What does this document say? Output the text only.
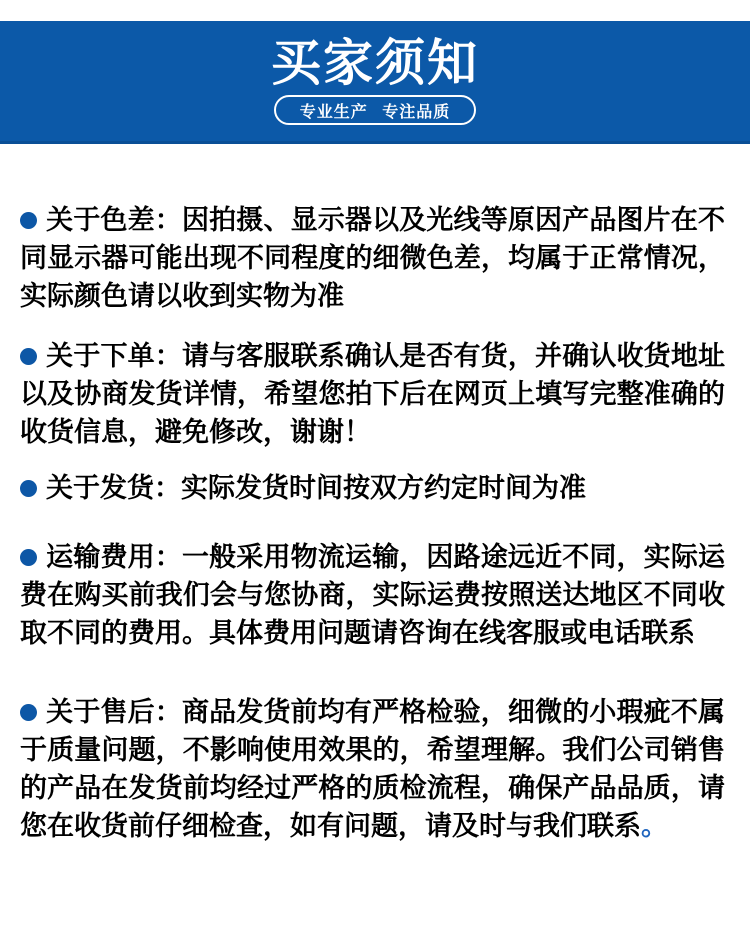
买家须知
专业生产 专注品质

关于色差：因拍摄、显示器以及光线等原因产品图片在不同显示器可能出现不同程度的细微色差，均属于正常情况，实际颜色请以收到实物为准

关于下单：请与客服联系确认是否有货，并确认收货地址以及协商发货详情，希望您拍下后在网页上填写完整准确的收货信息，避免修改，谢谢！

关于发货：实际发货时间按双方约定时间为准

运输费用：一般采用物流运输，因路途远近不同，实际运费在购买前我们会与您协商，实际运费按照送达地区不同收取不同的费用。具体费用问题请咨询在线客服或电话联系

关于售后：商品发货前均有严格检验，细微的小瑕疵不属于质量问题，不影响使用效果的，希望理解。我们公司销售的产品在发货前均经过严格的质检流程，确保产品品质，请您在收货前仔细检查，如有问题，请及时与我们联系。
